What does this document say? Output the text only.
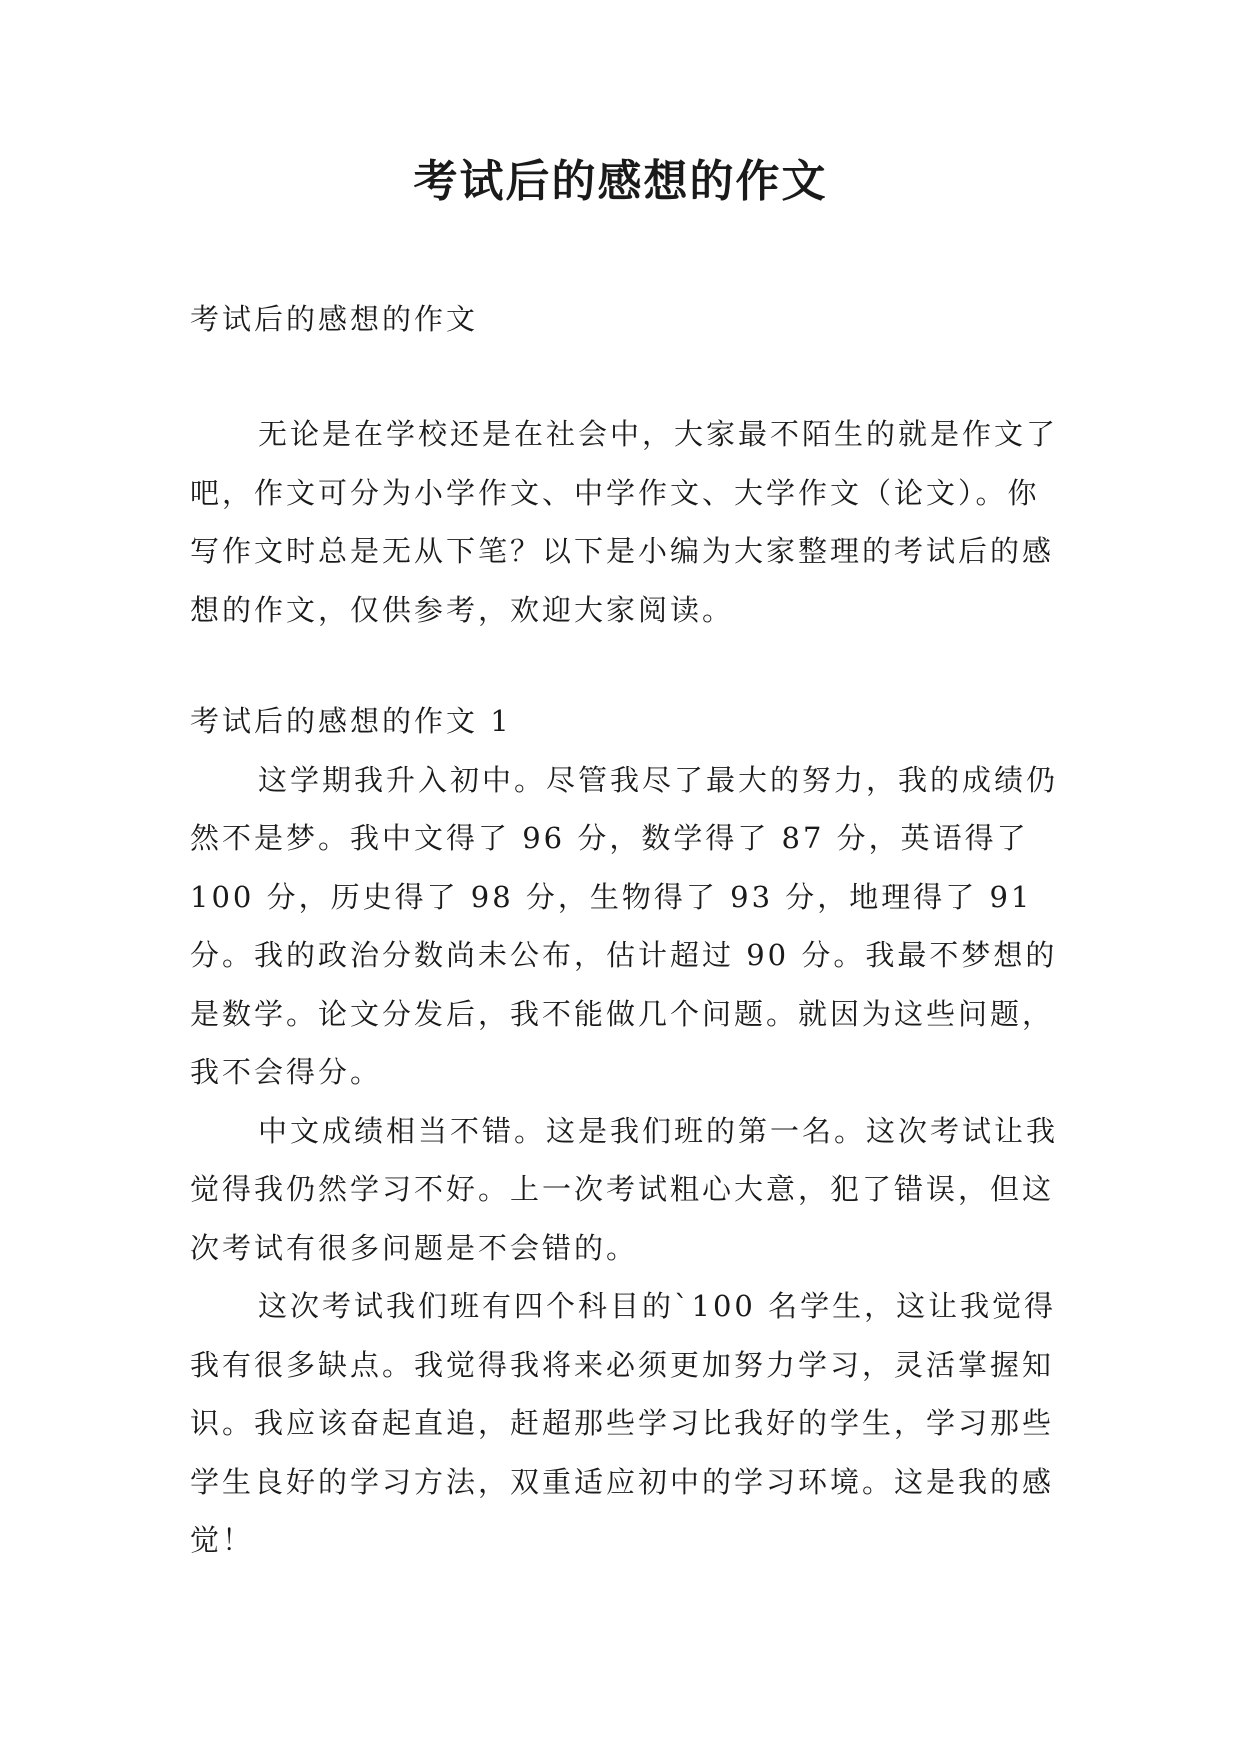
考试后的感想的作文
考试后的感想的作文

无论是在学校还是在社会中，大家最不陌生的就是作文了吧，作文可分为小学作文、中学作文、大学作文（论文）。你写作文时总是无从下笔？以下是小编为大家整理的考试后的感想的作文，仅供参考，欢迎大家阅读。

考试后的感想的作文 1

这学期我升入初中。尽管我尽了最大的努力，我的成绩仍然不是梦。我中文得了 96 分，数学得了 87 分，英语得了 100 分，历史得了 98 分，生物得了 93 分，地理得了 91 分。我的政治分数尚未公布，估计超过 90 分。我最不梦想的是数学。论文分发后，我不能做几个问题。就因为这些问题，我不会得分。

中文成绩相当不错。这是我们班的第一名。这次考试让我觉得我仍然学习不好。上一次考试粗心大意，犯了错误，但这次考试有很多问题是不会错的。

这次考试我们班有四个科目的`100 名学生，这让我觉得我有很多缺点。我觉得我将来必须更加努力学习，灵活掌握知识。我应该奋起直追，赶超那些学习比我好的学生，学习那些学生良好的学习方法，双重适应初中的学习环境。这是我的感觉！
